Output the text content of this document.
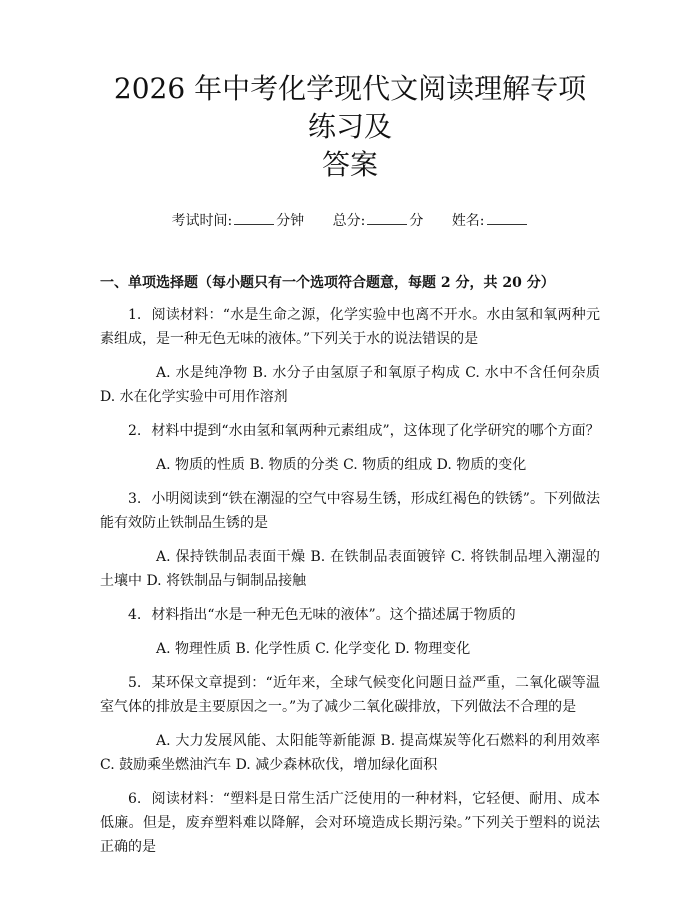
2026 年中考化学现代文阅读理解专项练习及
答案
考试时间:	分钟 总分:	分 姓名:
一、单项选择题（每小题只有一个选项符合题意，每题 2 分，共 20 分）
1. 阅读材料：“水是生命之源，化学实验中也离不开水。水由氢和氧两种元素组成，是一种无色无味的液体。”下列关于水的说法错误的是
A. 水是纯净物 B. 水分子由氢原子和氧原子构成 C. 水中不含任何杂质 D. 水在化学实验中可用作溶剂
2. 材料中提到“水由氢和氧两种元素组成”，这体现了化学研究的哪个方面？
A. 物质的性质 B. 物质的分类 C. 物质的组成 D. 物质的变化
3. 小明阅读到“铁在潮湿的空气中容易生锈，形成红褐色的铁锈”。下列做法能有效防止铁制品生锈的是
A. 保持铁制品表面干燥 B. 在铁制品表面镀锌 C. 将铁制品埋入潮湿的土壤中 D. 将铁制品与铜制品接触
4. 材料指出“水是一种无色无味的液体”。这个描述属于物质的
A. 物理性质 B. 化学性质 C. 化学变化 D. 物理变化
5. 某环保文章提到：“近年来，全球气候变化问题日益严重，二氧化碳等温室气体的排放是主要原因之一。”为了减少二氧化碳排放，下列做法不合理的是
A. 大力发展风能、太阳能等新能源 B. 提高煤炭等化石燃料的利用效率 C. 鼓励乘坐燃油汽车 D. 减少森林砍伐，增加绿化面积
6. 阅读材料：“塑料是日常生活广泛使用的一种材料，它轻便、耐用、成本低廉。但是，废弃塑料难以降解，会对环境造成长期污染。”下列关于塑料的说法正确的是
